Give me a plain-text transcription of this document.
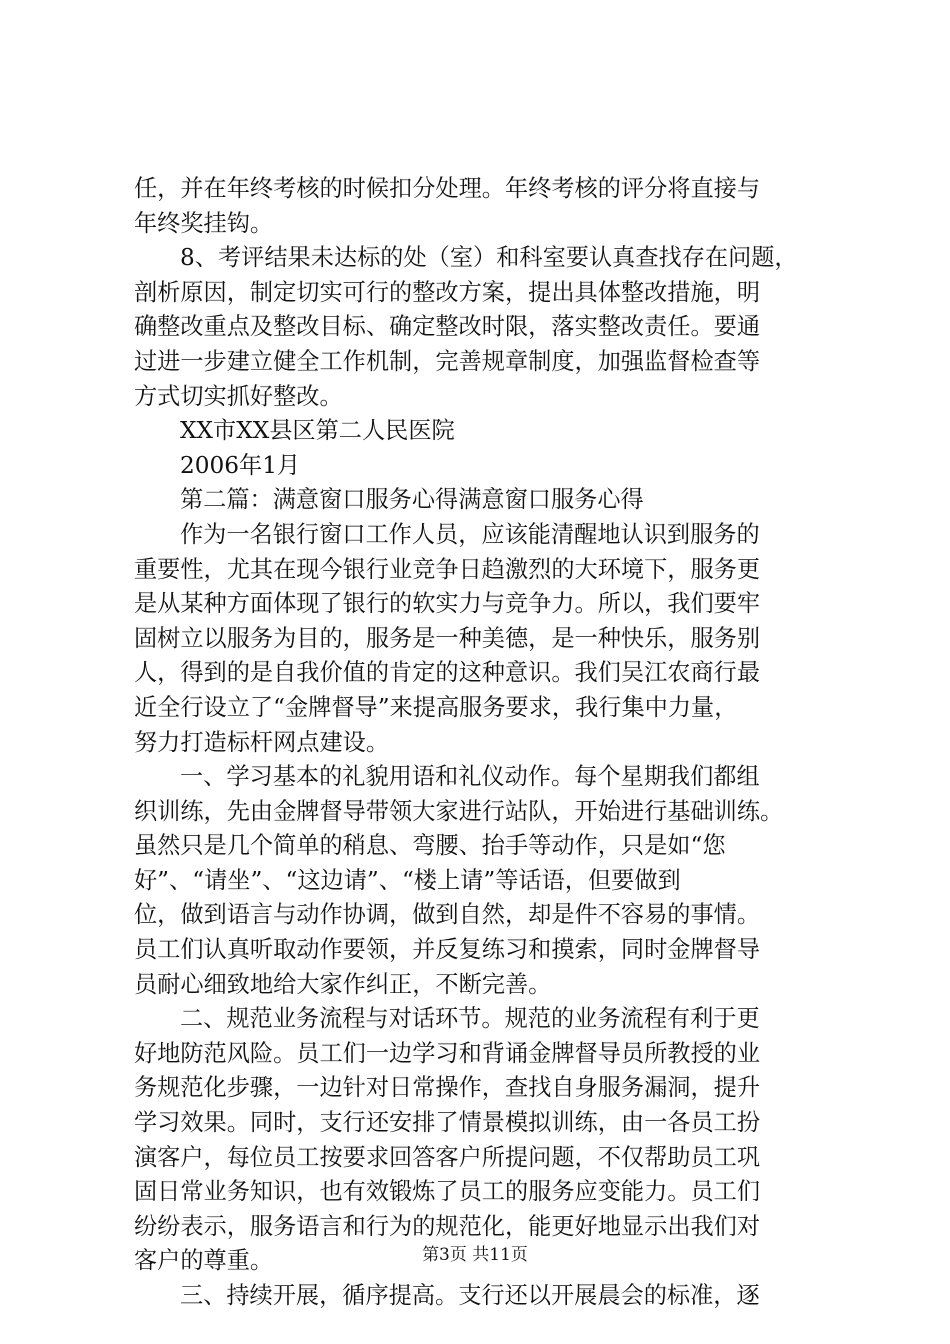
任，并在年终考核的时候扣分处理。年终考核的评分将直接与
年终奖挂钩。
8、考评结果未达标的处（室）和科室要认真查找存在问题，
剖析原因，制定切实可行的整改方案，提出具体整改措施，明
确整改重点及整改目标、确定整改时限，落实整改责任。要通
过进一步建立健全工作机制，完善规章制度，加强监督检查等
方式切实抓好整改。
XX市XX县区第二人民医院
2006年1月
第二篇：满意窗口服务心得满意窗口服务心得
作为一名银行窗口工作人员，应该能清醒地认识到服务的
重要性，尤其在现今银行业竞争日趋激烈的大环境下，服务更
是从某种方面体现了银行的软实力与竞争力。所以，我们要牢
固树立以服务为目的，服务是一种美德，是一种快乐，服务别
人，得到的是自我价值的肯定的这种意识。我们吴江农商行最
近全行设立了“金牌督导”来提高服务要求，我行集中力量，
努力打造标杆网点建设。
一、学习基本的礼貌用语和礼仪动作。每个星期我们都组
织训练，先由金牌督导带领大家进行站队，开始进行基础训练。
虽然只是几个简单的稍息、弯腰、抬手等动作，只是如“您
好”、“请坐”、“这边请”、“楼上请”等话语，但要做到
位，做到语言与动作协调，做到自然，却是件不容易的事情。
员工们认真听取动作要领，并反复练习和摸索，同时金牌督导
员耐心细致地给大家作纠正，不断完善。
二、规范业务流程与对话环节。规范的业务流程有利于更
好地防范风险。员工们一边学习和背诵金牌督导员所教授的业
务规范化步骤，一边针对日常操作，查找自身服务漏洞，提升
学习效果。同时，支行还安排了情景模拟训练，由一各员工扮
演客户，每位员工按要求回答客户所提问题，不仅帮助员工巩
固日常业务知识，也有效锻炼了员工的服务应变能力。员工们
纷纷表示，服务语言和行为的规范化，能更好地显示出我们对
客户的尊重。
三、持续开展，循序提高。支行还以开展晨会的标准，逐
第3页 共11页
